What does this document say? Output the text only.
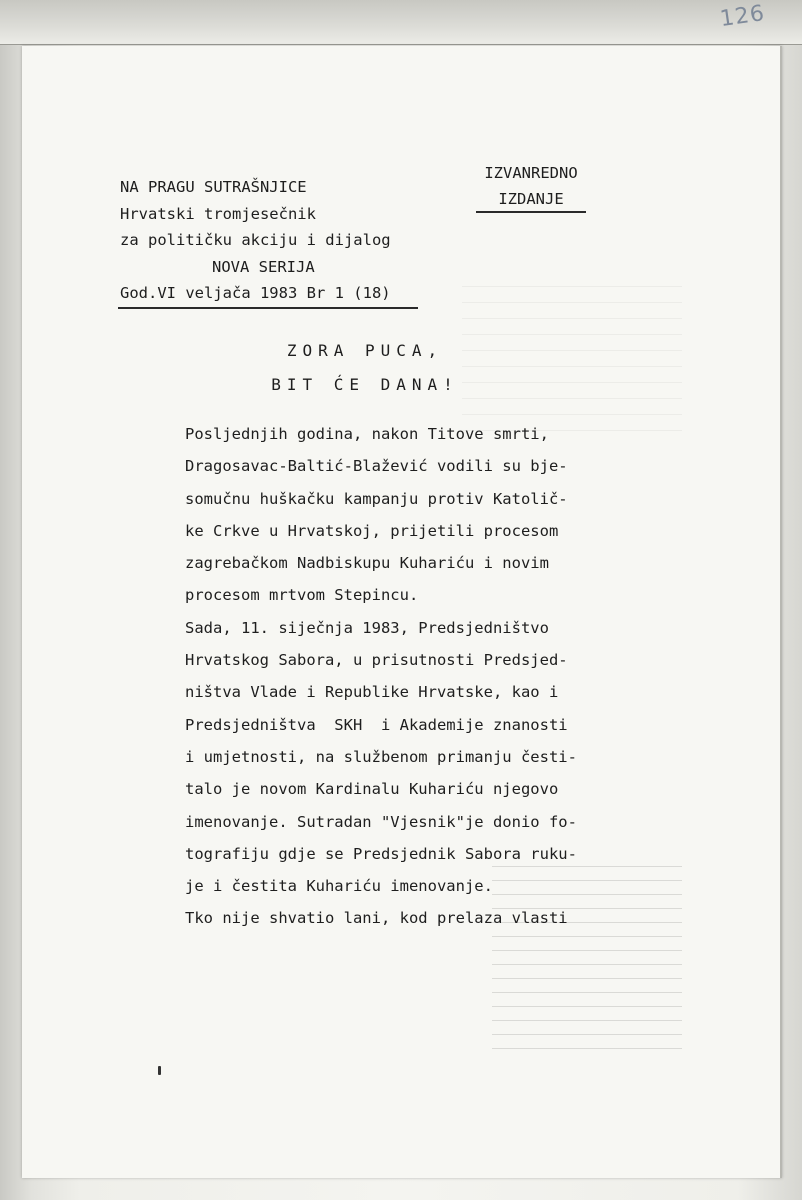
126
NA PRAGU SUTRAŠNJICE
Hrvatski tromjesečnik
za političku akciju i dijalog
NOVA SERIJA
God.VI veljača 1983 Br 1 (18)
IZVANREDNO
IZDANJE
ZORA PUCA,
BIT ĆE DANA!
Posljednjih godina, nakon Titove smrti,
Dragosavac-Baltić-Blažević vodili su bje-
somučnu huškačku kampanju protiv Katolič-
ke Crkve u Hrvatskoj, prijetili procesom
zagrebačkom Nadbiskupu Kuhariću i novim
procesom mrtvom Stepincu.
Sada, 11. siječnja 1983, Predsjedništvo
Hrvatskog Sabora, u prisutnosti Predsjed-
ništva Vlade i Republike Hrvatske, kao i
Predsjedništva  SKH  i Akademije znanosti
i umjetnosti, na službenom primanju česti-
talo je novom Kardinalu Kuhariću njegovo
imenovanje. Sutradan "Vjesnik"je donio fo-
tografiju gdje se Predsjednik Sabora ruku-
je i čestita Kuhariću imenovanje.
Tko nije shvatio lani, kod prelaza vlasti
